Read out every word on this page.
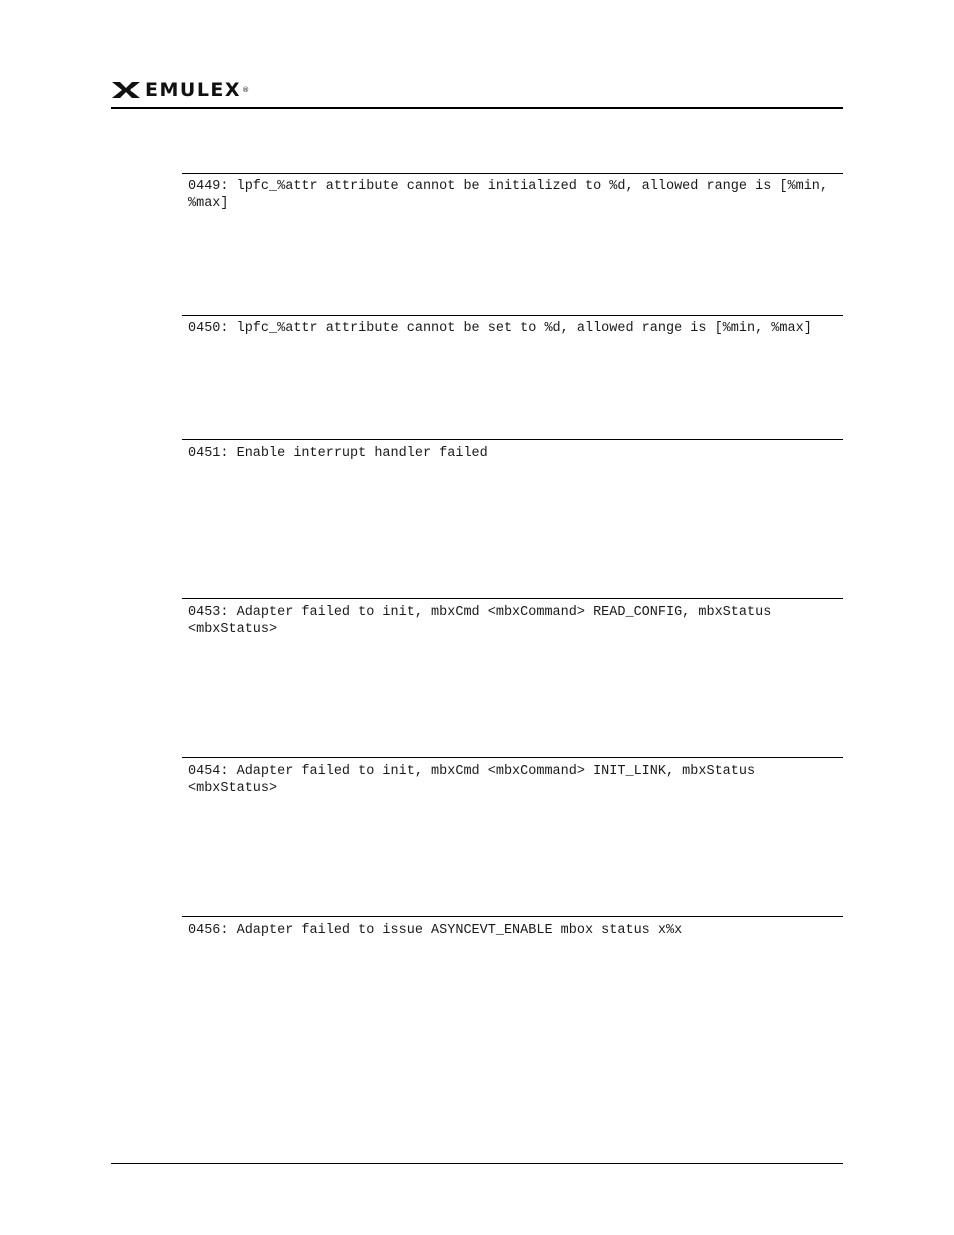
EMULEX ®
0449: lpfc_%attr attribute cannot be initialized to %d, allowed range is [%min,
%max]
0450: lpfc_%attr attribute cannot be set to %d, allowed range is [%min, %max]
0451: Enable interrupt handler failed
0453: Adapter failed to init, mbxCmd <mbxCommand> READ_CONFIG, mbxStatus
<mbxStatus>
0454: Adapter failed to init, mbxCmd <mbxCommand> INIT_LINK, mbxStatus
<mbxStatus>
0456: Adapter failed to issue ASYNCEVT_ENABLE mbox status x%x
